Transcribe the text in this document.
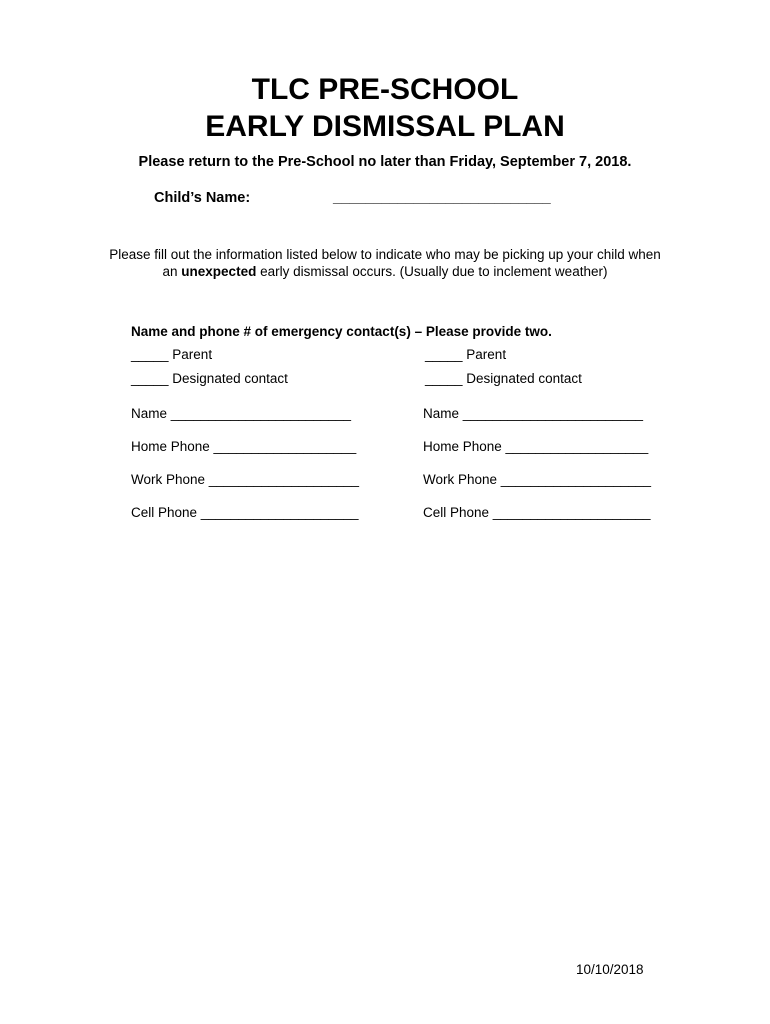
TLC PRE-SCHOOL
EARLY DISMISSAL PLAN
Please return to the Pre-School no later than Friday, September 7, 2018.
Child’s Name:	___________________________
Please fill out the information listed below to indicate who may be picking up your child when
an unexpected early dismissal occurs. (Usually due to inclement weather)
Name and phone # of emergency contact(s) – Please provide two.
_____ Parent
_____ Designated contact
Name ________________________
Home Phone ___________________
Work Phone ____________________
Cell Phone _____________________
_____ Parent
_____ Designated contact
Name ________________________
Home Phone ___________________
Work Phone ____________________
Cell Phone _____________________
10/10/2018
